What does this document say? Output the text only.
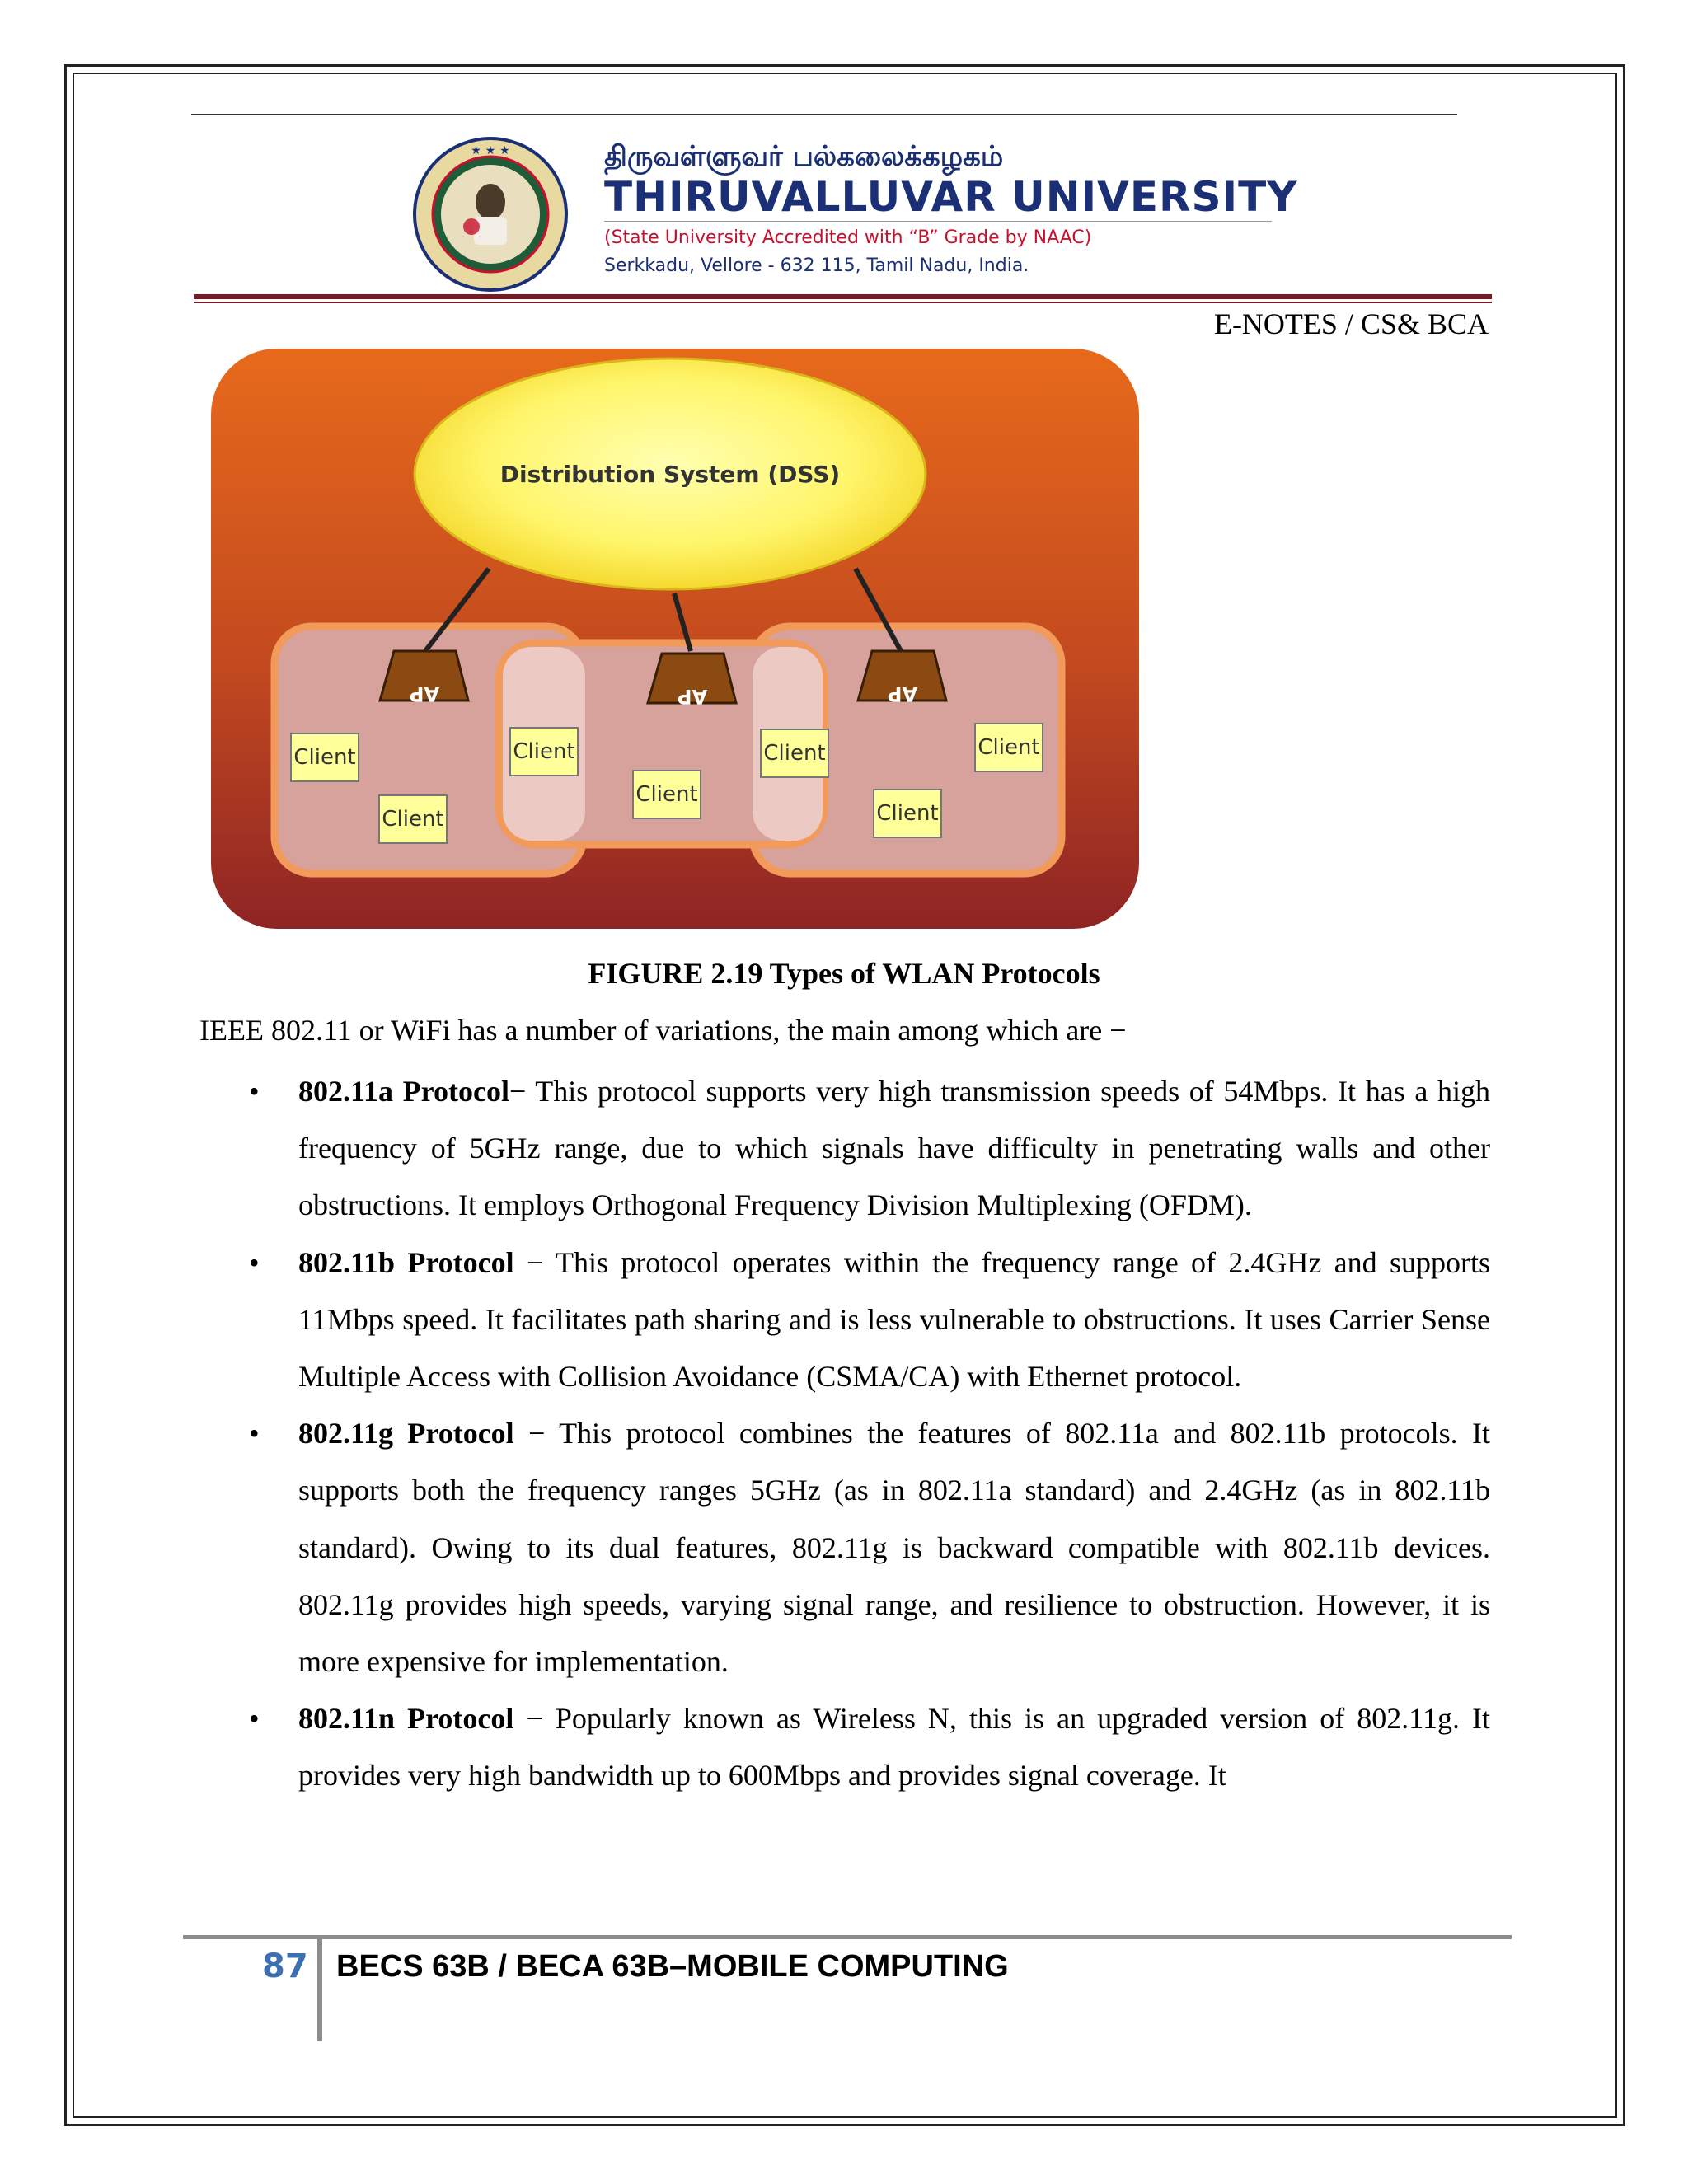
★ ★ ★	திருவள்ளுவர் பல்கலைக்கழகம்
THIRUVALLUVAR UNIVERSITY
(State University Accredited with “B” Grade by NAAC)
Serkkadu, Vellore - 632 115, Tamil Nadu, India.
E-NOTES / CS& BCA
Distribution System (DSS)
AP	AP	AP
Client
Client
Client
Client
Client
Client
Client
FIGURE 2.19 Types of WLAN Protocols
IEEE 802.11 or WiFi has a number of variations, the main among which are −

• 802.11a Protocol− This protocol supports very high transmission speeds of 54Mbps. It has a high frequency of 5GHz range, due to which signals have difficulty in penetrating walls and other obstructions. It employs Orthogonal Frequency Division Multiplexing (OFDM).

• 802.11b Protocol − This protocol operates within the frequency range of 2.4GHz and supports 11Mbps speed. It facilitates path sharing and is less vulnerable to obstructions. It uses Carrier Sense Multiple Access with Collision Avoidance (CSMA/CA) with Ethernet protocol.

• 802.11g Protocol − This protocol combines the features of 802.11a and 802.11b protocols. It supports both the frequency ranges 5GHz (as in 802.11a standard) and 2.4GHz (as in 802.11b standard). Owing to its dual features, 802.11g is backward compatible with 802.11b devices. 802.11g provides high speeds, varying signal range, and resilience to obstruction. However, it is more expensive for implementation.

• 802.11n Protocol − Popularly known as Wireless N, this is an upgraded version of 802.11g. It provides very high bandwidth up to 600Mbps and provides signal coverage. It

87 BECS 63B / BECA 63B–MOBILE COMPUTING
